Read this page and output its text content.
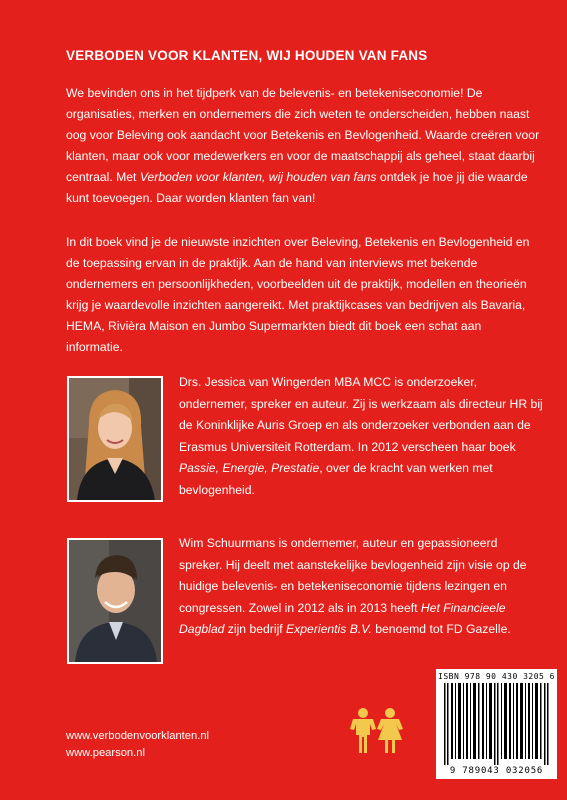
VERBODEN VOOR KLANTEN, WIJ HOUDEN VAN FANS

We bevinden ons in het tijdperk van de belevenis- en betekeniseconomie! De organisaties, merken en ondernemers die zich weten te onderscheiden, hebben naast oog voor Beleving ook aandacht voor Betekenis en Bevlogenheid. Waarde creëren voor klanten, maar ook voor medewerkers en voor de maatschappij als geheel, staat daarbij centraal. Met Verboden voor klanten, wij houden van fans ontdek je hoe jij die waarde kunt toevoegen. Daar worden klanten fan van!

In dit boek vind je de nieuwste inzichten over Beleving, Betekenis en Bevlogenheid en de toepassing ervan in de praktijk. Aan de hand van interviews met bekende ondernemers en persoonlijkheden, voorbeelden uit de praktijk, modellen en theorieën krijg je waardevolle inzichten aangereikt. Met praktijkcases van bedrijven als Bavaria, HEMA, Rivièra Maison en Jumbo Supermarkten biedt dit boek een schat aan informatie.

Drs. Jessica van Wingerden MBA MCC is onderzoeker, ondernemer, spreker en auteur. Zij is werkzaam als directeur HR bij de Koninklijke Auris Groep en als onderzoeker verbonden aan de Erasmus Universiteit Rotterdam. In 2012 verscheen haar boek Passie, Energie, Prestatie, over de kracht van werken met bevlogenheid.

Wim Schuurmans is ondernemer, auteur en gepassioneerd spreker. Hij deelt met aanstekelijke bevlogenheid zijn visie op de huidige belevenis- en betekeniseconomie tijdens lezingen en congressen. Zowel in 2012 als in 2013 heeft Het Financieele Dagblad zijn bedrijf Experientis B.V. benoemd tot FD Gazelle.

ISBN 978 90 430 3205 6
9 789043 032056
www.verbodenvoorklanten.nl
www.pearson.nl
